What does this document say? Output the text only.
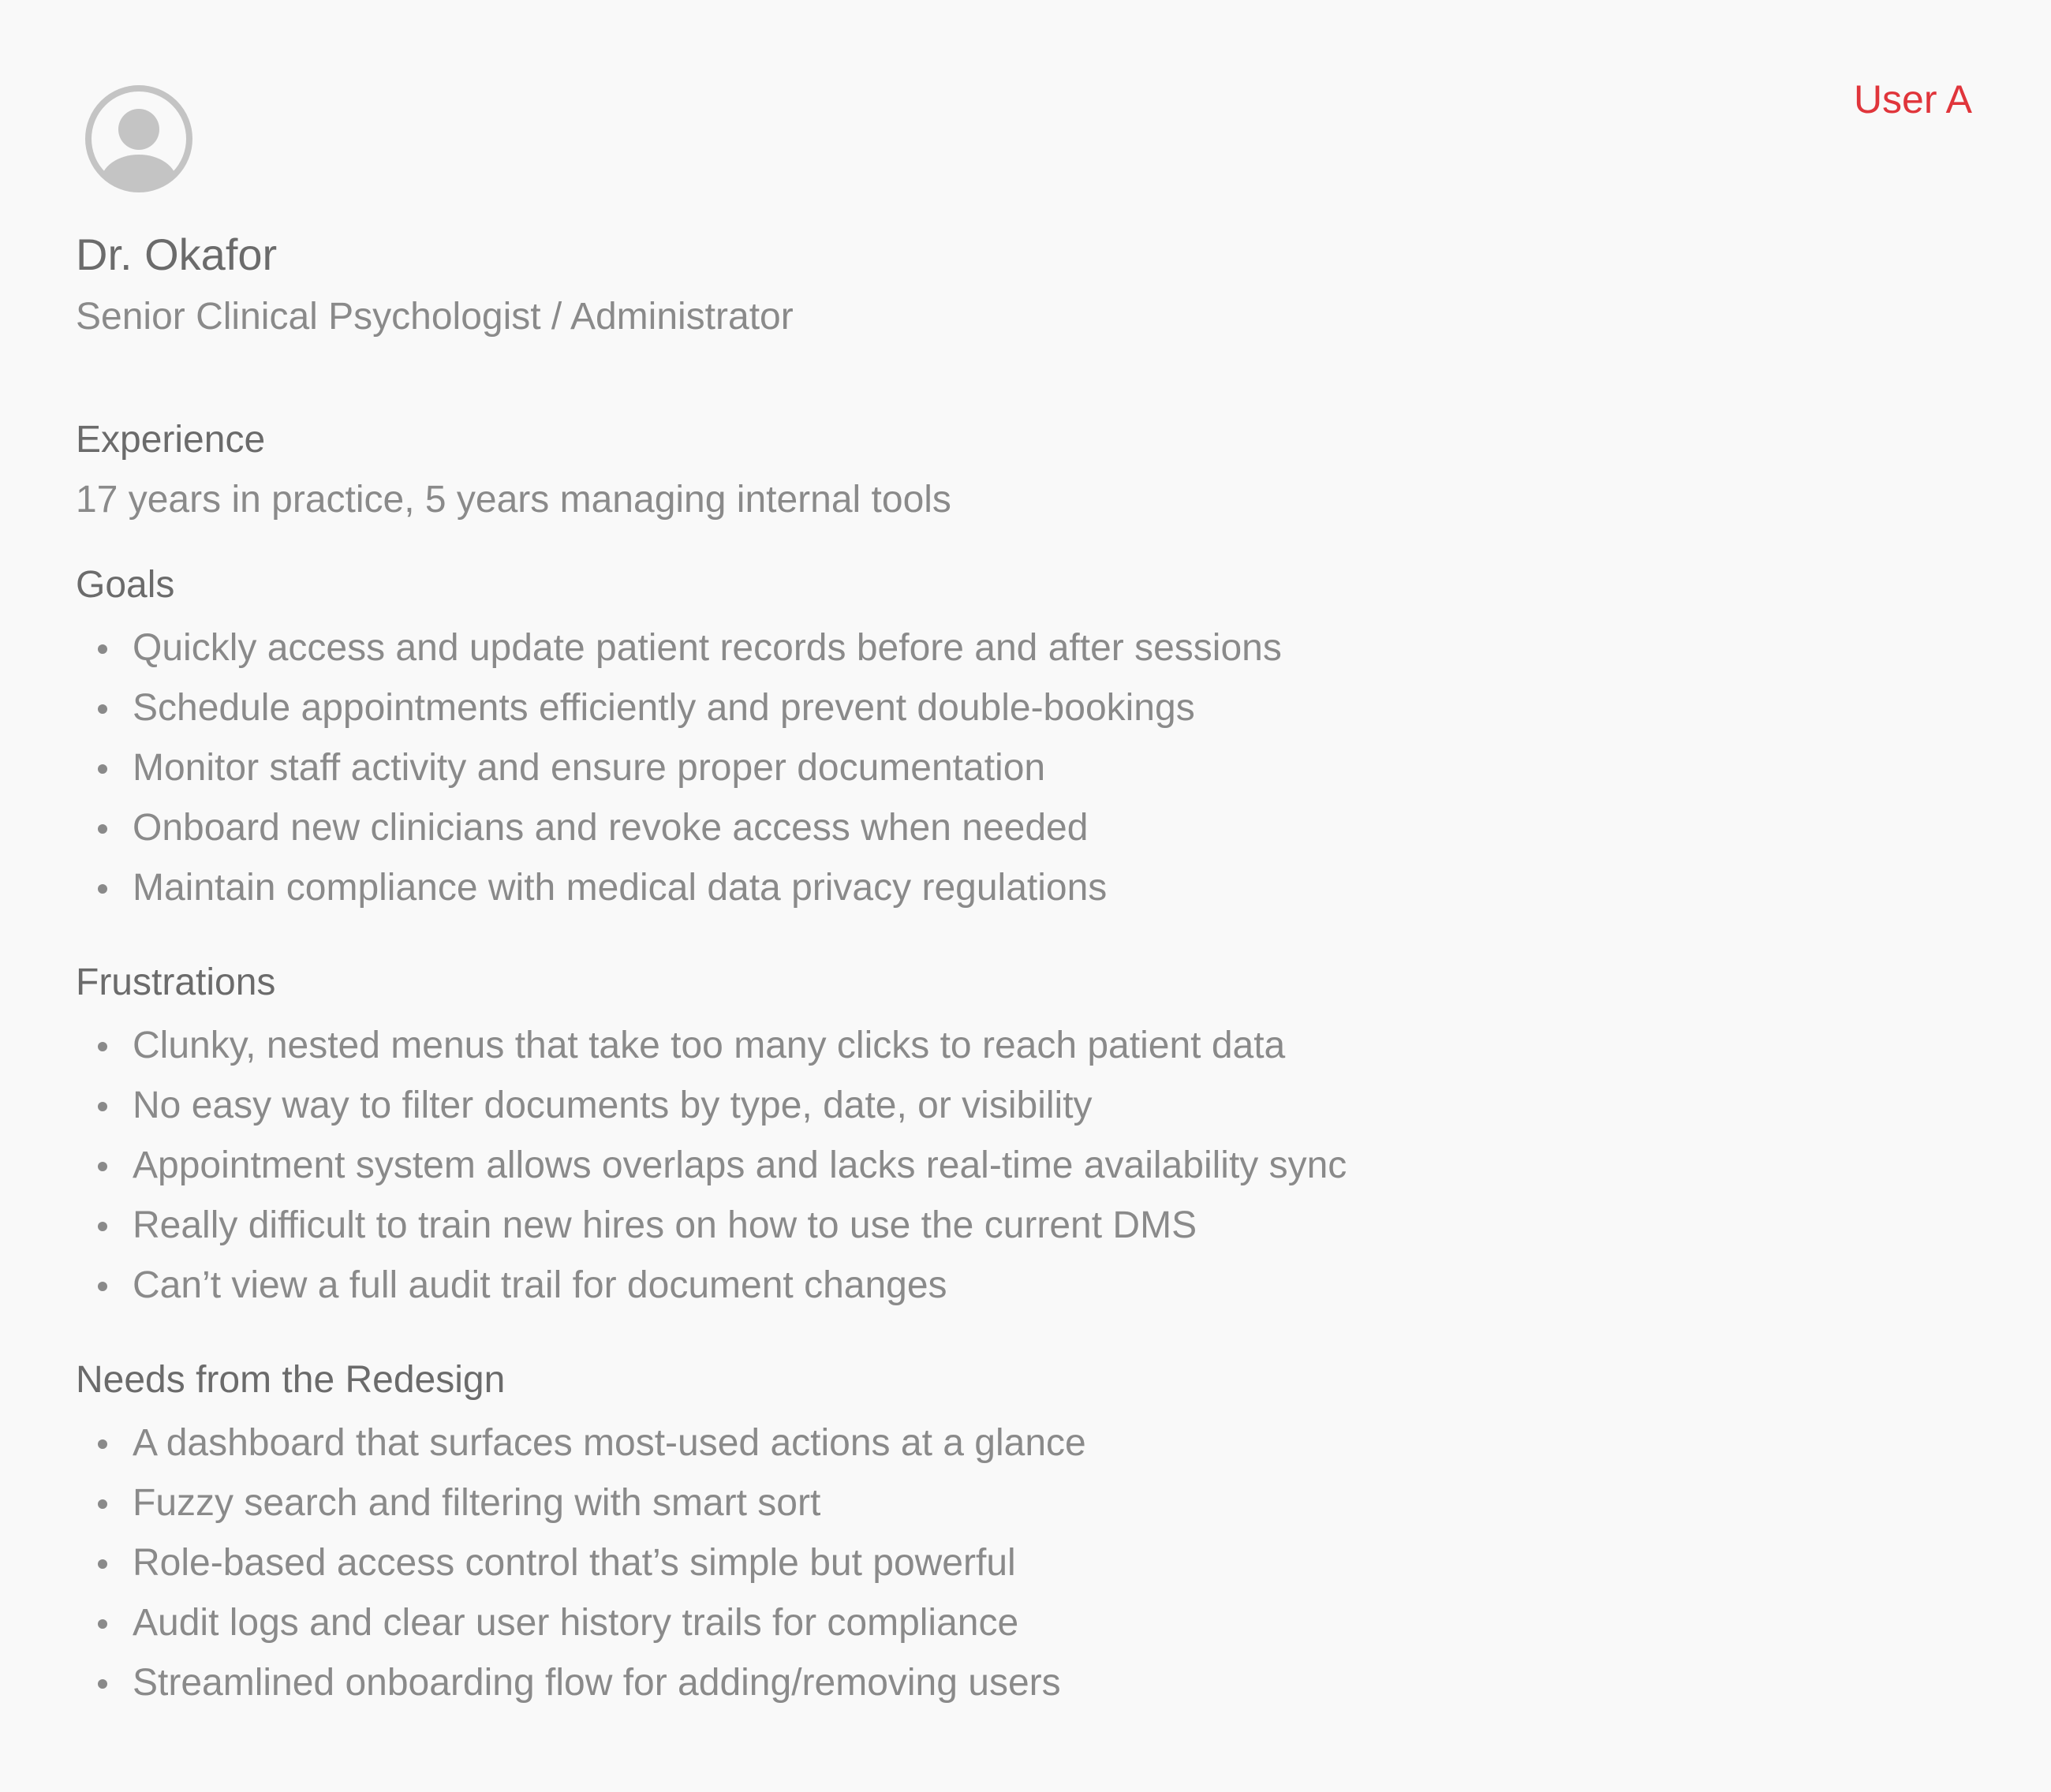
User A
Dr. Okafor

Senior Clinical Psychologist / Administrator

Experience

17 years in practice, 5 years managing internal tools

Goals
Quickly access and update patient records before and after sessions
Schedule appointments efficiently and prevent double-bookings
Monitor staff activity and ensure proper documentation
Onboard new clinicians and revoke access when needed
Maintain compliance with medical data privacy regulations
Frustrations
Clunky, nested menus that take too many clicks to reach patient data
No easy way to filter documents by type, date, or visibility
Appointment system allows overlaps and lacks real-time availability sync
Really difficult to train new hires on how to use the current DMS
Can’t view a full audit trail for document changes
Needs from the Redesign
A dashboard that surfaces most-used actions at a glance
Fuzzy search and filtering with smart sort
Role-based access control that’s simple but powerful
Audit logs and clear user history trails for compliance
Streamlined onboarding flow for adding/removing users
